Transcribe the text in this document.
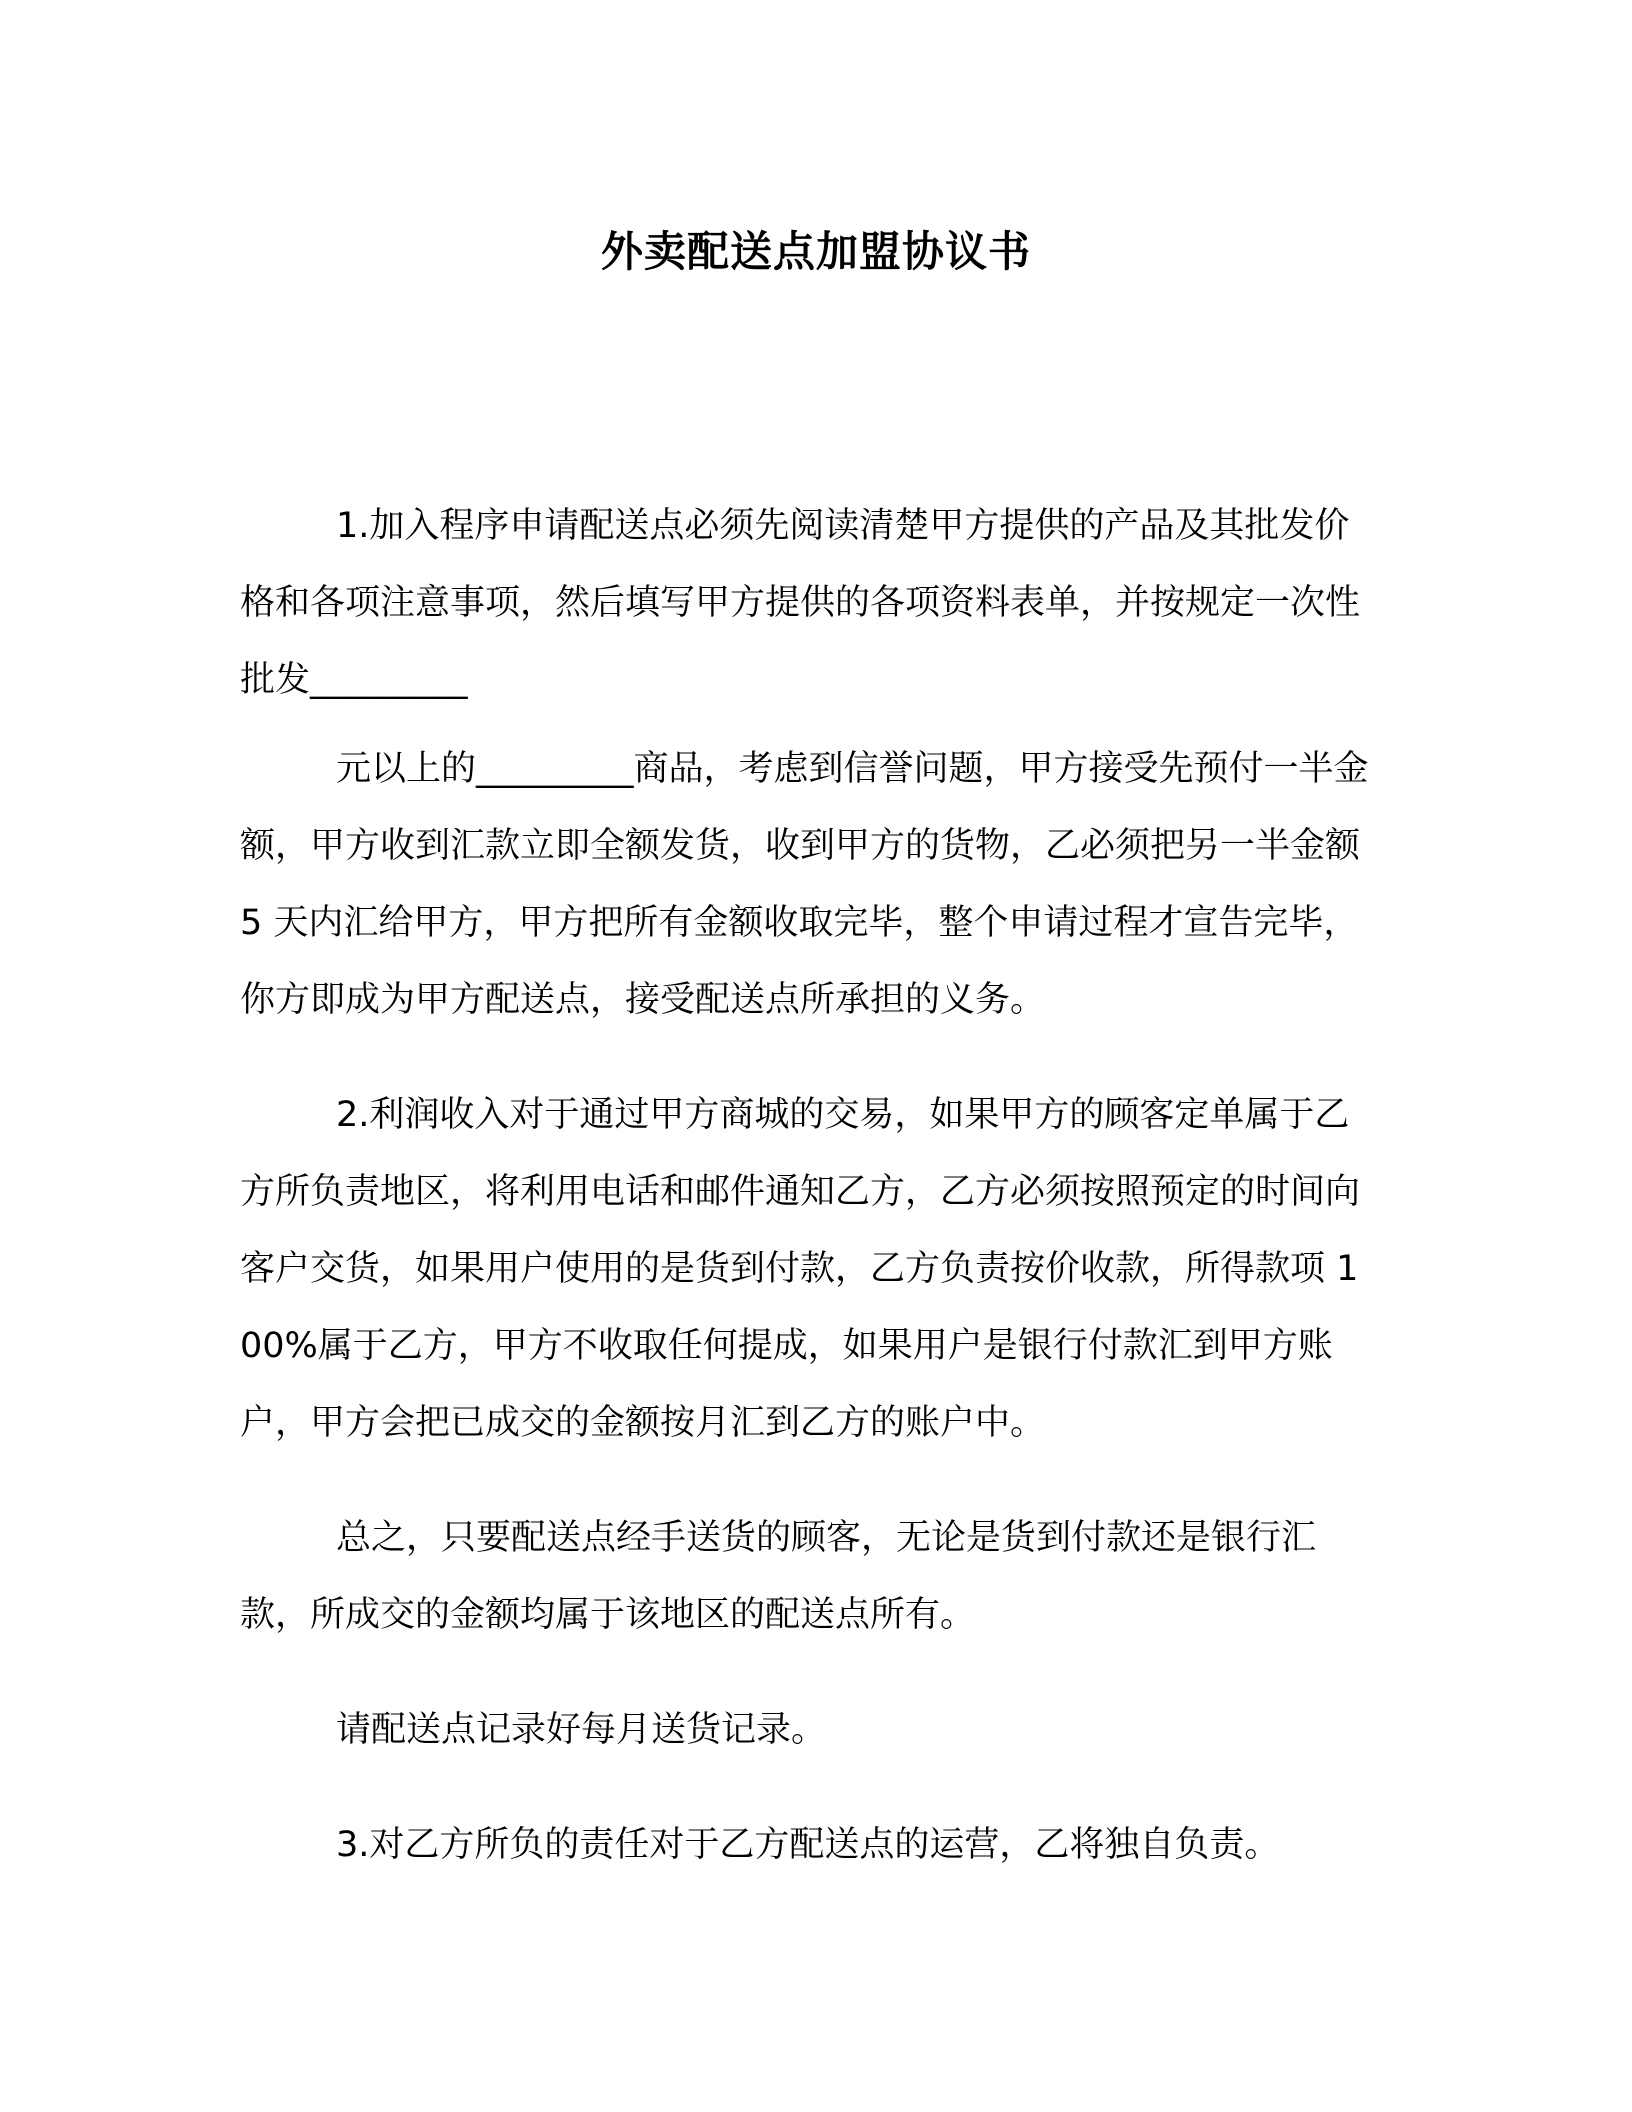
外卖配送点加盟协议书

1.加入程序申请配送点必须先阅读清楚甲方提供的产品及其批发价格和各项注意事项，然后填写甲方提供的各项资料表单，并按规定一次性批发_________

元以上的_________商品，考虑到信誉问题，甲方接受先预付一半金额，甲方收到汇款立即全额发货，收到甲方的货物，乙必须把另一半金额 5 天内汇给甲方，甲方把所有金额收取完毕，整个申请过程才宣告完毕，你方即成为甲方配送点，接受配送点所承担的义务。

2.利润收入对于通过甲方商城的交易，如果甲方的顾客定单属于乙方所负责地区，将利用电话和邮件通知乙方，乙方必须按照预定的时间向客户交货，如果用户使用的是货到付款，乙方负责按价收款，所得款项 100%属于乙方，甲方不收取任何提成，如果用户是银行付款汇到甲方账户，甲方会把已成交的金额按月汇到乙方的账户中。

总之，只要配送点经手送货的顾客，无论是货到付款还是银行汇款，所成交的金额均属于该地区的配送点所有。

请配送点记录好每月送货记录。

3.对乙方所负的责任对于乙方配送点的运营，乙将独自负责。
